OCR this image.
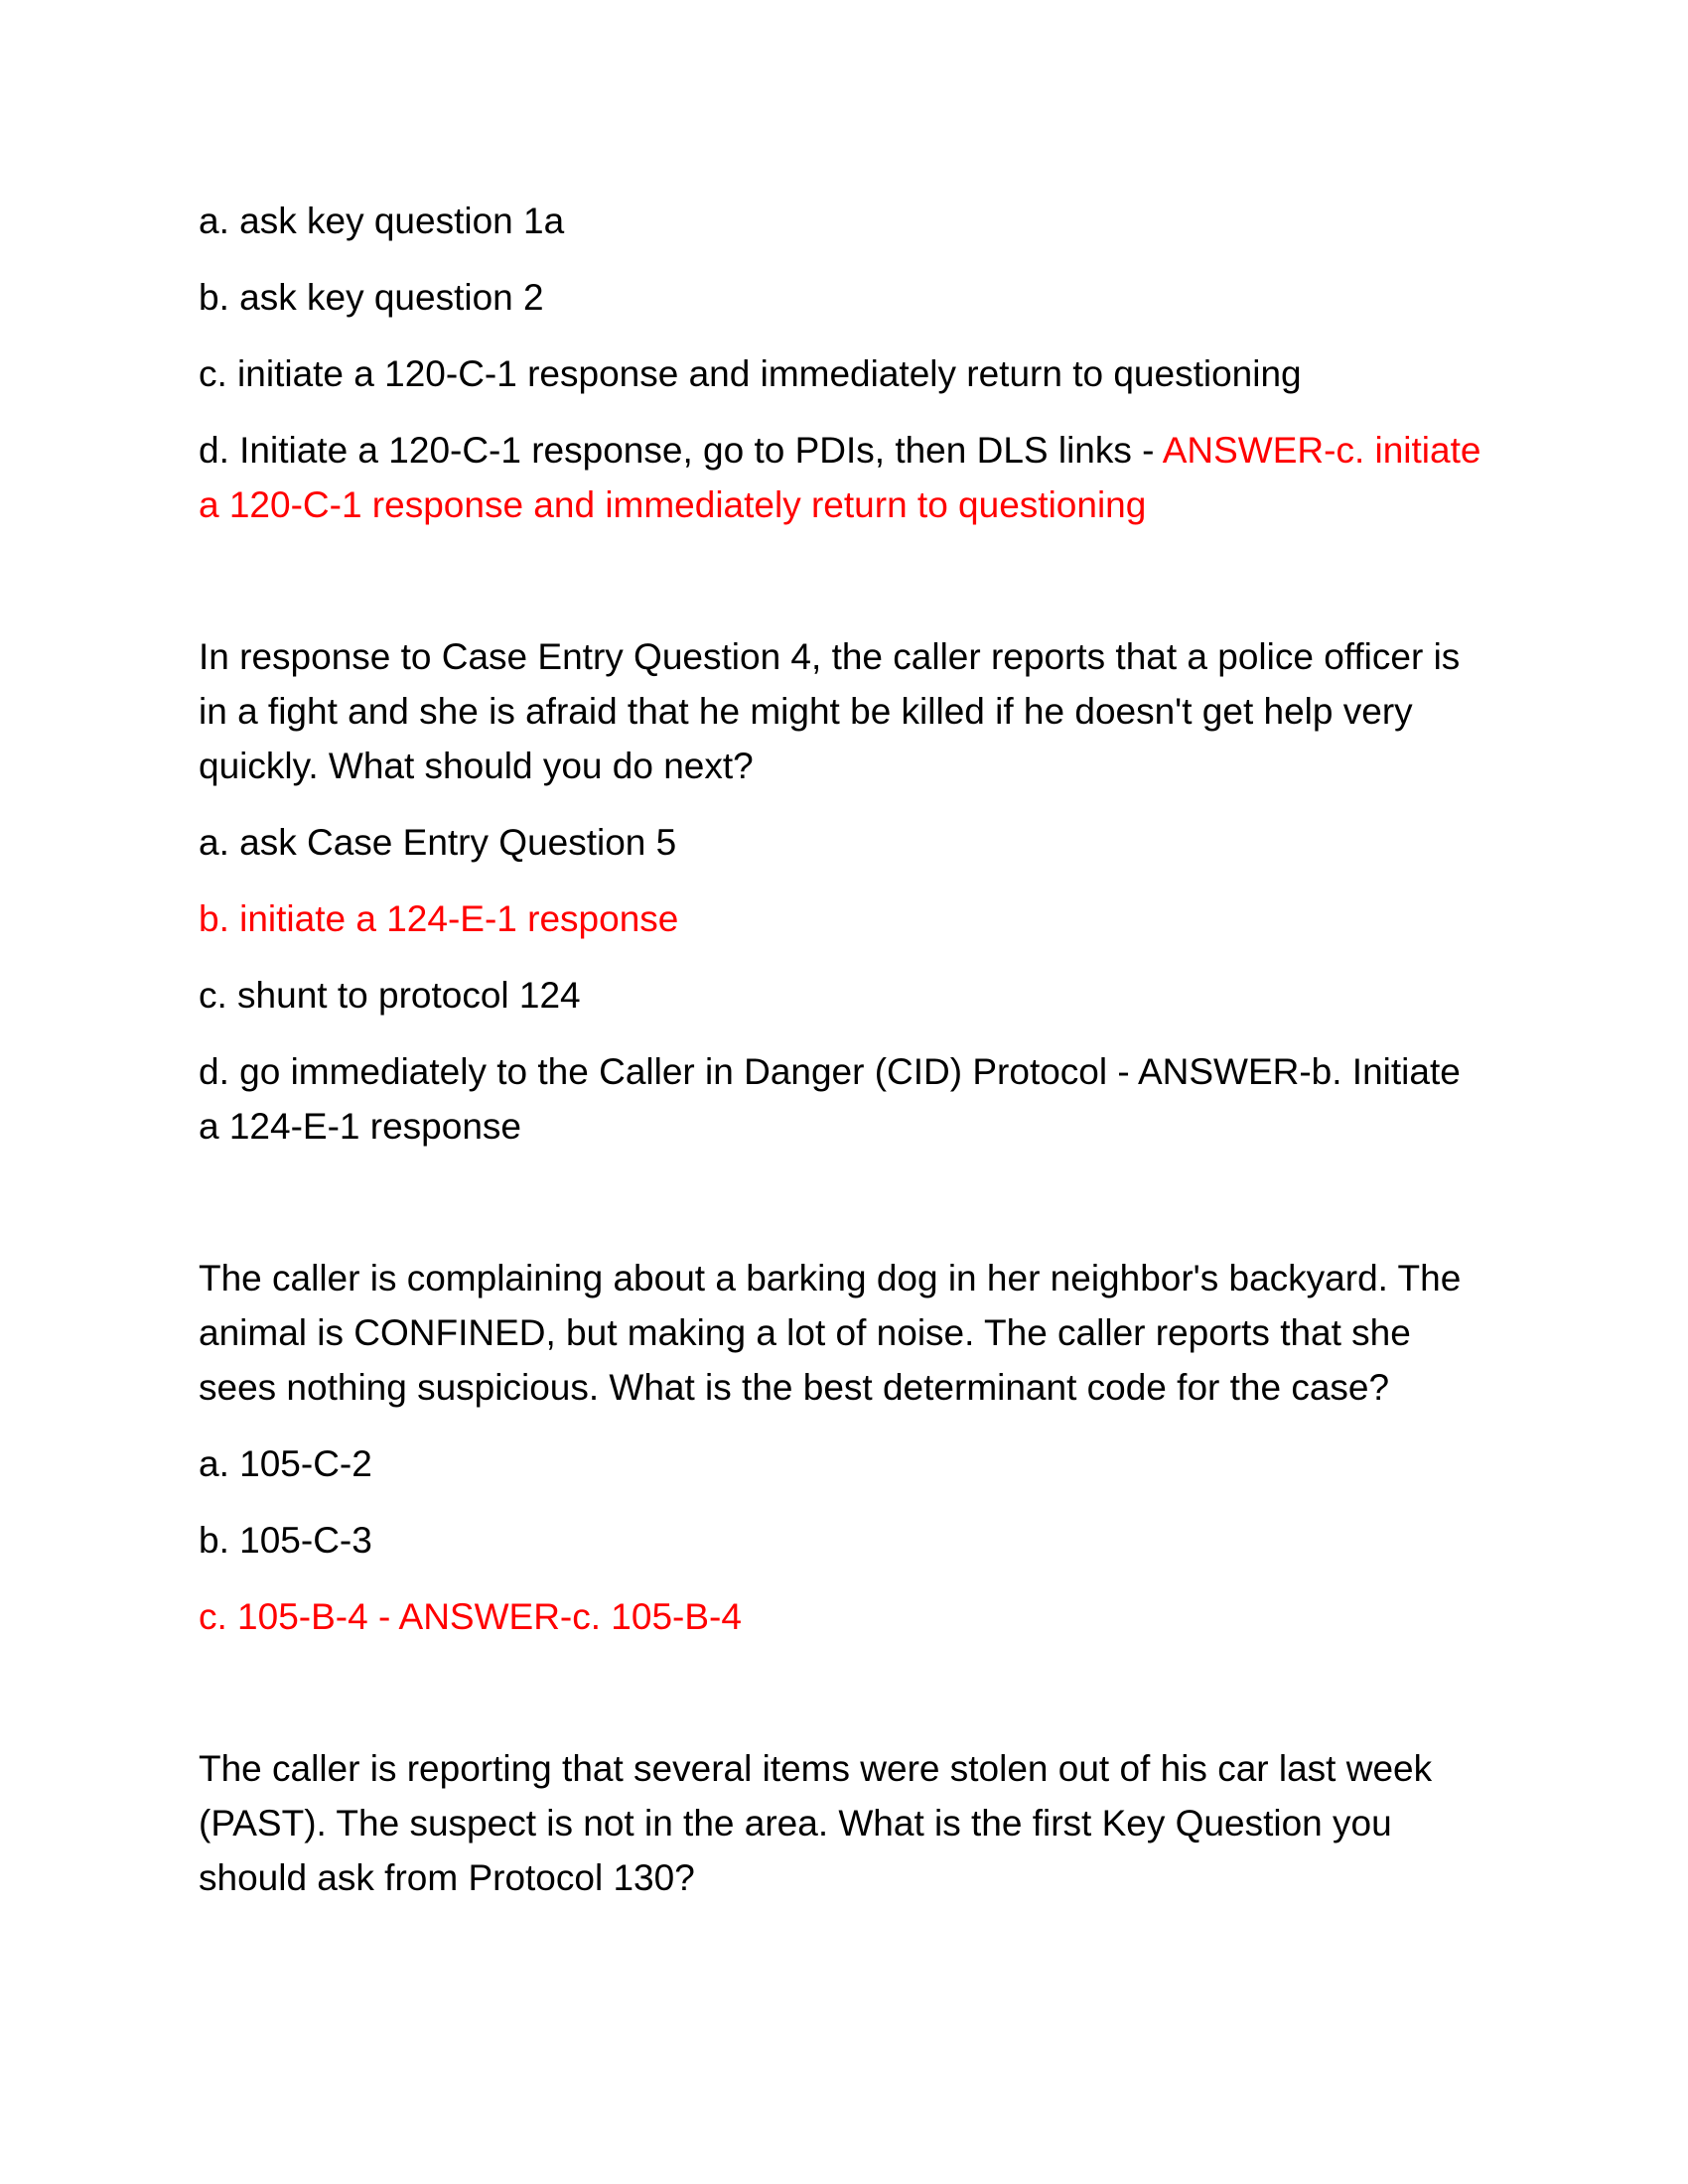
a. ask key question 1a
b. ask key question 2
c. initiate a 120-C-1 response and immediately return to questioning
d. Initiate a 120-C-1 response, go to PDIs, then DLS links - ANSWER-c. initiate a 120-C-1 response and immediately return to questioning
In response to Case Entry Question 4, the caller reports that a police officer is in a fight and she is afraid that he might be killed if he doesn't get help very quickly. What should you do next?
a. ask Case Entry Question 5
b. initiate a 124-E-1 response
c. shunt to protocol 124
d. go immediately to the Caller in Danger (CID) Protocol - ANSWER-b. Initiate a 124-E-1 response
The caller is complaining about a barking dog in her neighbor's backyard. The animal is CONFINED, but making a lot of noise. The caller reports that she sees nothing suspicious. What is the best determinant code for the case?
a. 105-C-2
b. 105-C-3
c. 105-B-4 - ANSWER-c. 105-B-4
The caller is reporting that several items were stolen out of his car last week (PAST). The suspect is not in the area. What is the first Key Question you should ask from Protocol 130?
